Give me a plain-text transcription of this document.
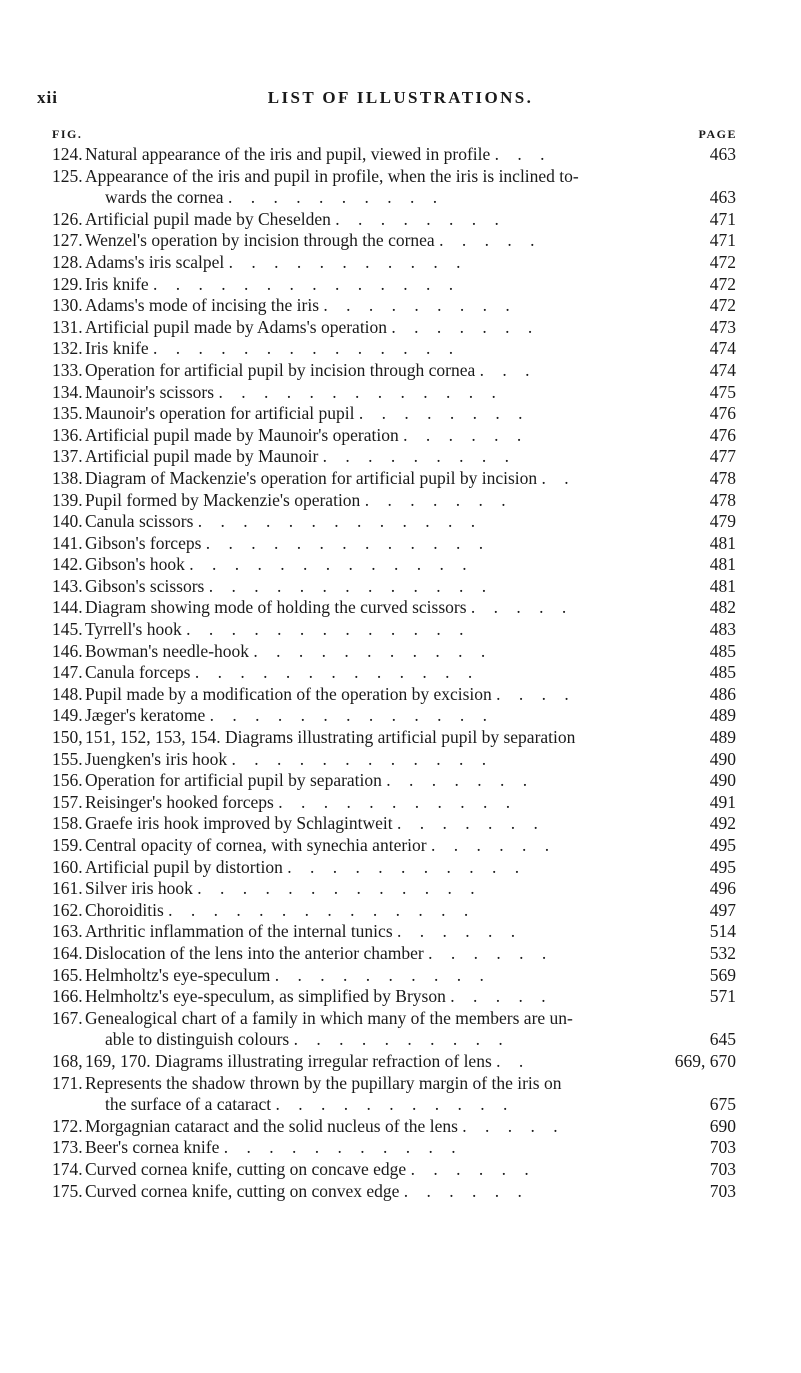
xii	LIST OF ILLUSTRATIONS.
FIG.	PAGE
124. Natural appearance of the iris and pupil, viewed in profile . . .	463
125. Appearance of the iris and pupil in profile, when the iris is inclined to-
wards the cornea . . . . . . . . . .	463
126. Artificial pupil made by Cheselden . . . . . . . .	471
127. Wenzel's operation by incision through the cornea . . . . .	471
128. Adams's iris scalpel . . . . . . . . . . .	472
129. Iris knife . . . . . . . . . . . . . .	472
130. Adams's mode of incising the iris . . . . . . . . .	472
131. Artificial pupil made by Adams's operation . . . . . . .	473
132. Iris knife . . . . . . . . . . . . . .	474
133. Operation for artificial pupil by incision through cornea . . .	474
134. Maunoir's scissors . . . . . . . . . . . . .	475
135. Maunoir's operation for artificial pupil . . . . . . . .	476
136. Artificial pupil made by Maunoir's operation . . . . . .	476
137. Artificial pupil made by Maunoir . . . . . . . . .	477
138. Diagram of Mackenzie's operation for artificial pupil by incision . .	478
139. Pupil formed by Mackenzie's operation . . . . . . .	478
140. Canula scissors . . . . . . . . . . . . .	479
141. Gibson's forceps . . . . . . . . . . . . .	481
142. Gibson's hook . . . . . . . . . . . . .	481
143. Gibson's scissors . . . . . . . . . . . . .	481
144. Diagram showing mode of holding the curved scissors . . . . .	482
145. Tyrrell's hook . . . . . . . . . . . . .	483
146. Bowman's needle-hook . . . . . . . . . . .	485
147. Canula forceps . . . . . . . . . . . . .	485
148. Pupil made by a modification of the operation by excision . . . .	486
149. Jæger's keratome . . . . . . . . . . . . .	489
150, 151, 152, 153, 154. Diagrams illustrating artificial pupil by separation	489
155. Juengken's iris hook . . . . . . . . . . . .	490
156. Operation for artificial pupil by separation . . . . . . .	490
157. Reisinger's hooked forceps . . . . . . . . . . .	491
158. Graefe iris hook improved by Schlagintweit . . . . . . .	492
159. Central opacity of cornea, with synechia anterior . . . . . .	495
160. Artificial pupil by distortion . . . . . . . . . . .	495
161. Silver iris hook . . . . . . . . . . . . .	496
162. Choroiditis . . . . . . . . . . . . . .	497
163. Arthritic inflammation of the internal tunics . . . . . .	514
164. Dislocation of the lens into the anterior chamber . . . . . .	532
165. Helmholtz's eye-speculum . . . . . . . . . .	569
166. Helmholtz's eye-speculum, as simplified by Bryson . . . . .	571
167. Genealogical chart of a family in which many of the members are un-
able to distinguish colours . . . . . . . . . .	645
168, 169, 170. Diagrams illustrating irregular refraction of lens . .	669, 670
171. Represents the shadow thrown by the pupillary margin of the iris on
the surface of a cataract . . . . . . . . . . .	675
172. Morgagnian cataract and the solid nucleus of the lens . . . . .	690
173. Beer's cornea knife . . . . . . . . . . .	703
174. Curved cornea knife, cutting on concave edge . . . . . .	703
175. Curved cornea knife, cutting on convex edge . . . . . .	703
